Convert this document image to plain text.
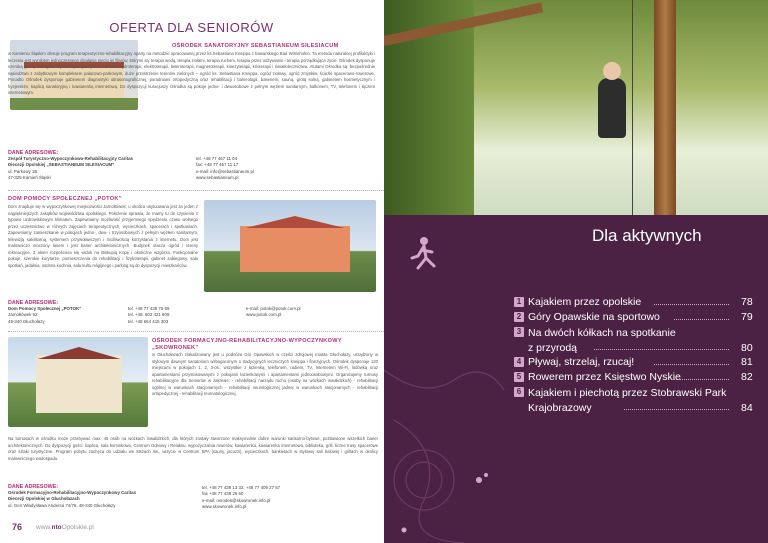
OFERTA DLA SENIORÓW
OŚRODEK SANATORYJNY SEBASTIANEUM SILESIACUM
w Kamieniu Śląskim oferuje program terapeutyczno-rehabilitacyjny oparty na metodzie opracowanej przez ks.Sebastiana Kneippa z bawarskiego Bad Wörishofen. Ta metoda naturalnej profilaktyki i leczenia jest wynikiem jednoczesnego działania pięciu jej filarów, którymi są: terapia wodą, terapia ziołami, terapia ruchem, terapia przez odżywianie i terapia porządkująca życie. Ośrodek dysponuje szeroką gamą zabiegów fizykoterapeutycznych z zakresu: hydroterapii, elektroterapii, laseroterapii, magnetoterapii, kinezyterapii, krioterapii i światłolecznictwa. Atutami Ośrodka są: bezpośrednie sąsiedztwo z zabytkowym kompleksem pałacowo-parkowym, duże przestrzenie terenów zielonych – ogród ks. Sebastiana Kneippa, ogród ziołowy, ogród zmysłów, ścieżki spacerowo-rowerowe. Ponadto Ośrodek dysponuje gabinetem diagnostyki ultrasonograficznej, poradniami ortopedyczną oraz rehabilitacji i balneologii, basenem, sauną, grotą solną, gabinetem kosmetycznym i fryzjerskim, kaplicą sanatoryjną i kawiarenką internetową. Do dyspozycji kuracjuszy Ośrodka są pokoje jedno- i dwuosobowe z pełnym węzłem sanitarnym, balkonem, TV, telefonem i łączem internetowym.
DANE ADRESOWE:
Zespół Turystyczno-Wypoczynkowo-Rehabilitacyjny Caritas
Diecezji Opolskiej „SEBASTIANEUM SILESIACUM”
ul. Parkowy 1B
47-325 Kamień Śląski
tel. +48 77 467 11 04
fax: +48 77 467 11 17
e-mail: info@sebastianeum.pl
www.sebastianeum.pl
DOM POMOCY SPOŁECZNEJ „POTOK”
Dom znajduje się w wypoczynkowej miejscowości Jarnołtówek, u okolica usytuowana jest za jeden z najpiękniejszych zakątków województwa opolskiego. Położenie sprawia, że mamy tu do czynienia z typowo uzdrowiskowym klimatem. Zapewniamy możliwość przyjemnego spędzenia czasu wolnego przez uczestnictwo w różnych zajęciach terapeutycznych, wycieczkach, spacerach i spotkaniach. Zapewniamy zamieszkanie w pokojach jedno-, dwu- i trzyosobowych z pełnym węzłem sanitarnym, telewizją satelitarną, systemem przywoławczym i możliwością korzystania z internetu. Dom jest malowniczo otoczony lasem i jest barier architektonicznych. Budynek otacza ogród i tereny rekreacyjne. Z okien rozpościera się widok na Biskupią Kopę i okoliczne wzgórza. Funkcjonalne pokoje, szerokie korytarze, pomieszczenia do rehabilitacji i fizykoterapii, gabinet zabiegowy, sala spotkań, jadalnia, osobna kuchnia, sala kultu religijnego i parking są do dyspozycji mieszkańców.
DANE ADRESOWE:
Dom Pomocy Społecznej „POTOK”
Jarnołtówek 52
48-340 Głuchołazy
tel. +48 77 439 75 69
tel. +48. 602 421 808
tel. +48 664 415 303
e-mail: potok@potok.com.pl
www.potok.com.pl
OŚRODEK FORMACYJNO-REHABILITACYJNO-WYPOCZYNKOWY „SKOWRONEK”
w Głuchołazach zlokalizowany jest u podnóża Gór Opawskich w części zdrojowej miasta Głuchołazy, urządzony w stylowym dawnym sanatorium wzbogaconym o tradycyjnych leczniczych kneippa i finezyjnych. Ośrodek dysponuje 120 miejscami w pokojach 1, 2, 3-os., wszystkie z łazienką, telefonem, radiem, TV, Internetem Wi-Fi, lodówką oraz apartamentami przystosowanymi z pokojami łazienkowymi i apartamentami jednoosobowymi. Organizujemy turnusy rehabilitacyjne dla Seniorów w zakresie: - rehabilitacji narządu ruchu (osoby na wózkach inwalidzkich) - rehabilitacji ogólnej w warunkach stacjonarnych - rehabilitacji neurologicznej jadnej w warunkach stacjonarnych - rehabilitacji ortopedycznej - rehabilitacji reumatologicznej.
Na turnusach w ośrodku może przebywać max. 45 osób na wózkach inwalidzkich, dla których zostały stworzone maksymalnie dobre warunki sanitarno-bytowe, pozbawione wszelkich barier architektonicznych. Do dyspozycji gości: kaplica, sala kominkowa, Centrum Odnowy i Relaksu, wypożyczalnia rowerów, kawiarenka, kawiarenka internetowa, biblioteka, grill, liczne trasy spacerowe oraz szlaki turystyczne. Program pobytu zachęca do udziału we Mszach św., wizycie w Centrum SPA (sauny, jacuzzi), wycieczkach, bankietach w stylowej sali balowej i grillach w okolicy malowniczego wodospadu.
DANE ADRESOWE:
Ośrodek Formacyjno-Rehabilitacyjno-Wypoczynkowy Caritas
Diecezji Opolskiej w Głuchołazach
ul. Gen Władysława Andersa 74/76, 48-340 Głuchołazy
tel. +48 77 439 13 32, +48 77 409 27 57
fax +48 77 439 26 60
e-mail: osrodek@skowronek.info.pl
www.skowronek.info.pl
76 www.ntoOpolskie.pl
Dla aktywnych
1 Kajakiem przez opolskie	78
2 Góry Opawskie na sportowo	79
3 Na dwóch kółkach na spotkanie
z przyrodą	80
4 Pływaj, strzelaj, rzucaj!	81
5 Rowerem przez Księstwo Nyskie	82
6 Kajakiem i piechotą przez Stobrawski Park
Krajobrazowy	84
